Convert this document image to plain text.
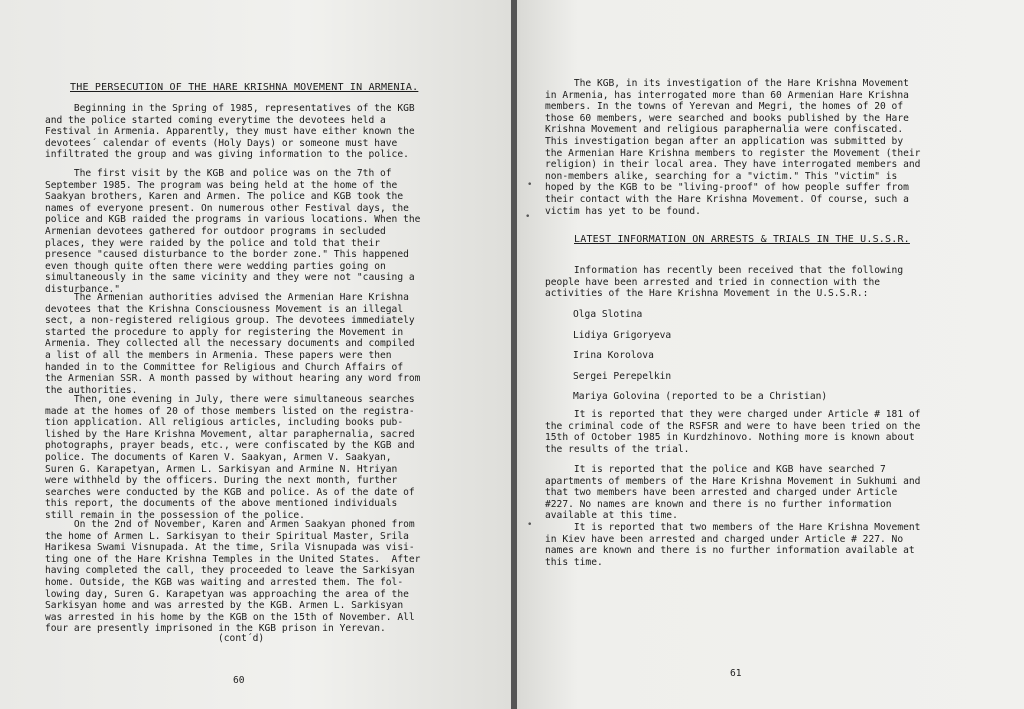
THE PERSECUTION OF THE HARE KRISHNA MOVEMENT IN ARMENIA.

Beginning in the Spring of 1985, representatives of the KGB
and the police started coming everytime the devotees held a
Festival in Armenia. Apparently, they must have either known the
devotees´ calendar of events (Holy Days) or someone must have
infiltrated the group and was giving information to the police.

The first visit by the KGB and police was on the 7th of
September 1985. The program was being held at the home of the
Saakyan brothers, Karen and Armen. The police and KGB took the
names of everyone present. On numerous other Festival days, the
police and KGB raided the programs in various locations. When the
Armenian devotees gathered for outdoor programs in secluded
places, they were raided by the police and told that their
presence "caused disturbance to the border zone." This happened
even though quite often there were wedding parties going on
simultaneously in the same vicinity and they were not "causing a
disturbance."

The Armenian authorities advised the Armenian Hare Krishna
devotees that the Krishna Consciousness Movement is an illegal
sect, a non-registered religious group. The devotees immediately
started the procedure to apply for registering the Movement in
Armenia. They collected all the necessary documents and compiled
a list of all the members in Armenia. These papers were then
handed in to the Committee for Religious and Church Affairs of
the Armenian SSR. A month passed by without hearing any word from
the authorities.

Then, one evening in July, there were simultaneous searches
made at the homes of 20 of those members listed on the registra-
tion application. All religious articles, including books pub-
lished by the Hare Krishna Movement, altar paraphernalia, sacred
photographs, prayer beads, etc., were confiscated by the KGB and
police. The documents of Karen V. Saakyan, Armen V. Saakyan,
Suren G. Karapetyan, Armen L. Sarkisyan and Armine N. Htriyan
were withheld by the officers. During the next month, further
searches were conducted by the KGB and police. As of the date of
this report, the documents of the above mentioned individuals
still remain in the possession of the police.

On the 2nd of November, Karen and Armen Saakyan phoned from
the home of Armen L. Sarkisyan to their Spiritual Master, Srila
Harikesa Swami Visnupada. At the time, Srila Visnupada was visi-
ting one of the Hare Krishna Temples in the United States.  After
having completed the call, they proceeded to leave the Sarkisyan
home. Outside, the KGB was waiting and arrested them. The fol-
lowing day, Suren G. Karapetyan was approaching the area of the
Sarkisyan home and was arrested by the KGB. Armen L. Sarkisyan
was arrested in his home by the KGB on the 15th of November. All
four are presently imprisoned in the KGB prison in Yerevan.

(cont´d)
60
•
•
•

The KGB, in its investigation of the Hare Krishna Movement
in Armenia, has interrogated more than 60 Armenian Hare Krishna
members. In the towns of Yerevan and Megri, the homes of 20 of
those 60 members, were searched and books published by the Hare
Krishna Movement and religious paraphernalia were confiscated.
This investigation began after an application was submitted by
the Armenian Hare Krishna members to register the Movement (their
religion) in their local area. They have interrogated members and
non-members alike, searching for a "victim." This "victim" is
hoped by the KGB to be "living-proof" of how people suffer from
their contact with the Hare Krishna Movement. Of course, such a
victim has yet to be found.

LATEST INFORMATION ON ARRESTS & TRIALS IN THE U.S.S.R.

Information has recently been received that the following
people have been arrested and tried in connection with the
activities of the Hare Krishna Movement in the U.S.S.R.:

Olga Slotina
Lidiya Grigoryeva
Irina Korolova
Sergei Perepelkin
Mariya Golovina (reported to be a Christian)

It is reported that they were charged under Article # 181 of
the criminal code of the RSFSR and were to have been tried on the
15th of October 1985 in Kurdzhinovo. Nothing more is known about
the results of the trial.

It is reported that the police and KGB have searched 7
apartments of members of the Hare Krishna Movement in Sukhumi and
that two members have been arrested and charged under Article
#227. No names are known and there is no further information
available at this time.

It is reported that two members of the Hare Krishna Movement
in Kiev have been arrested and charged under Article # 227. No
names are known and there is no further information available at
this time.

61
